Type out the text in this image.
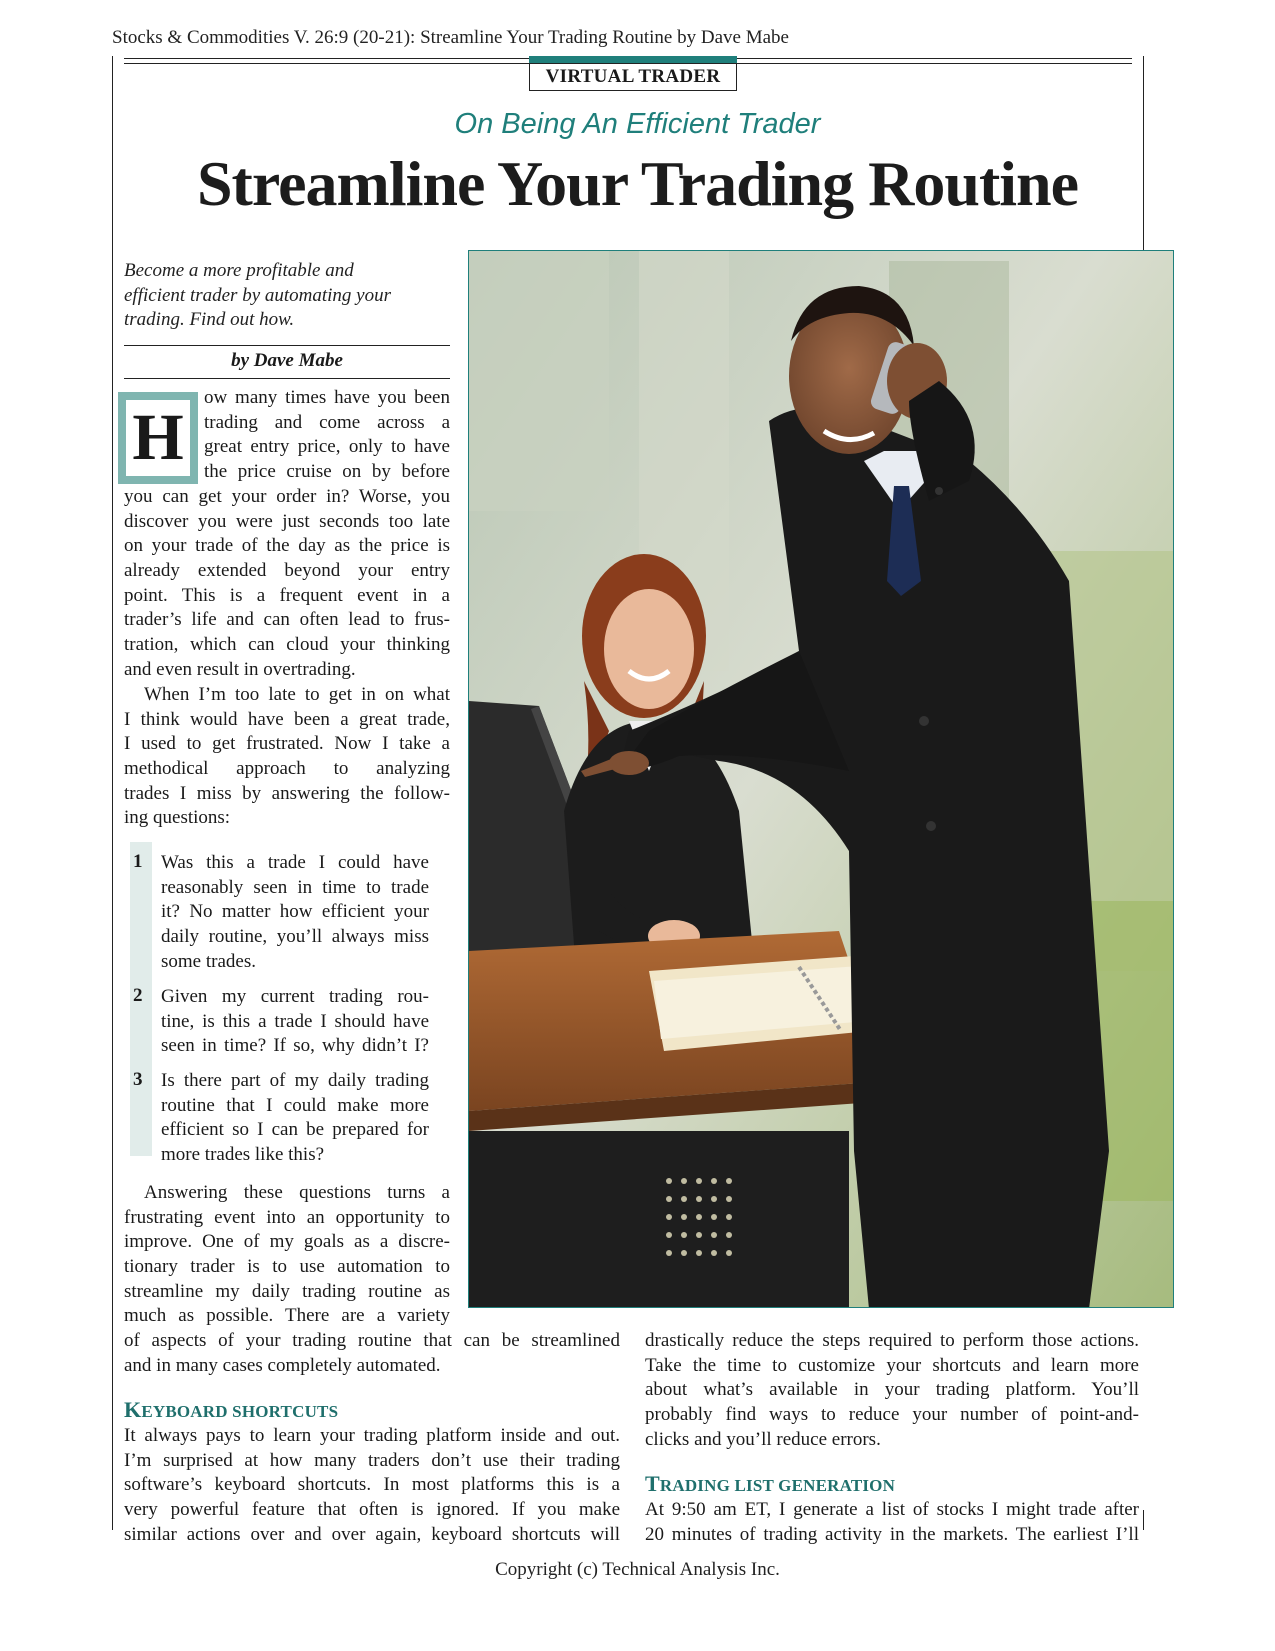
Stocks & Commodities V. 26:9 (20-21): Streamline Your Trading Routine by Dave Mabe
VIRTUAL TRADER
On Being An Efficient Trader
Streamline Your Trading Routine
Become a more profitable and
efficient trader by automating your
trading. Find out how.
by Dave Mabe
H
ow many times have you been
trading and come across a
great entry price, only to have
the price cruise on by before
you can get your order in? Worse, you
discover you were just seconds too late
on your trade of the day as the price is
already extended beyond your entry
point. This is a frequent event in a
trader’s life and can often lead to frus-
tration, which can cloud your thinking
and even result in overtrading.
When I’m too late to get in on what
I think would have been a great trade,
I used to get frustrated. Now I take a
methodical approach to analyzing
trades I miss by answering the follow-
ing questions:
1 Was this a trade I could have
reasonably seen in time to trade
it? No matter how efficient your
daily routine, you’ll always miss
some trades.
2 Given my current trading rou-
tine, is this a trade I should have
seen in time? If so, why didn’t I?
3 Is there part of my daily trading
routine that I could make more
efficient so I can be prepared for
more trades like this?
Answering these questions turns a
frustrating event into an opportunity to
improve. One of my goals as a discre-
tionary trader is to use automation to
streamline my daily trading routine as
much as possible. There are a variety
of aspects of your trading routine that can be streamlined
and in many cases completely automated.
KEYBOARD SHORTCUTS
It always pays to learn your trading platform inside and out.
I’m surprised at how many traders don’t use their trading
software’s keyboard shortcuts. In most platforms this is a
very powerful feature that often is ignored. If you make
similar actions over and over again, keyboard shortcuts will
drastically reduce the steps required to perform those actions.
Take the time to customize your shortcuts and learn more
about what’s available in your trading platform. You’ll
probably find ways to reduce your number of point-and-
clicks and you’ll reduce errors.
TRADING LIST GENERATION
At 9:50 am ET, I generate a list of stocks I might trade after
20 minutes of trading activity in the markets. The earliest I’ll
Copyright (c) Technical Analysis Inc.
